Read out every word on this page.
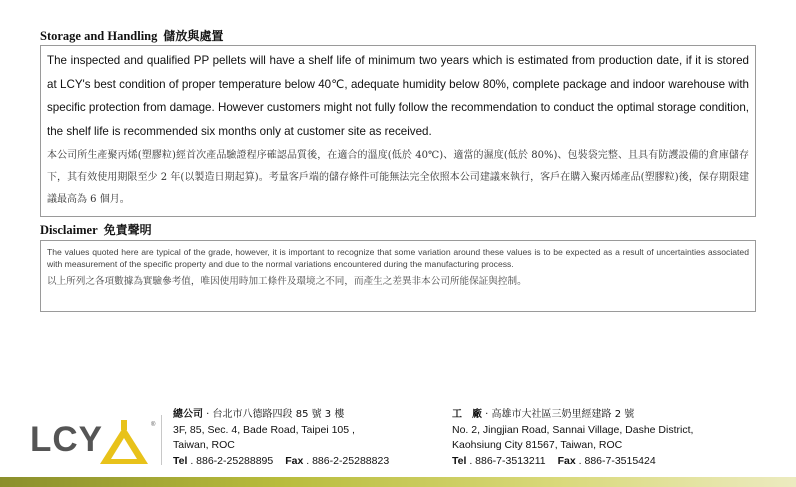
Storage and Handling 儲放與處置
The inspected and qualified PP pellets will have a shelf life of minimum two years which is estimated from production date, if it is stored at LCY's best condition of proper temperature below 40℃, adequate humidity below 80%, complete package and indoor warehouse with specific protection from damage. However customers might not fully follow the recommendation to conduct the optimal storage condition, the shelf life is recommended six months only at customer site as received.
本公司所生產聚丙烯(塑膠粒)經首次產品驗證程序確認品質後，在適合的溫度(低於 40℃)、適當的濕度(低於 80%)、包裝袋完整、且具有防護設備的倉庫儲存下，其有效使用期限至少 2 年(以製造日期起算)。考量客戶端的儲存條件可能無法完全依照本公司建議來執行，客戶在購入聚丙烯產品(塑膠粒)後，保存期限建議最高為 6 個月。
Disclaimer 免責聲明
The values quoted here are typical of the grade, however, it is important to recognize that some variation around these values is to be expected as a result of uncertainties associated with measurement of the specific property and due to the normal variations encountered during the manufacturing process.
以上所列之各項數據為實驗參考值，唯因使用時加工條件及環境之不同，而產生之差異非本公司所能保証與控制。
LCY	®
總公司 · 台北市八德路四段 85 號 3 樓
3F, 85, Sec. 4, Bade Road, Taipei 105 ,
Taiwan, ROC
Tel . 886-2-25288895 Fax . 886-2-25288823
工　廠 · 高雄市大社區三奶里經建路 2 號
No. 2, Jingjian Road, Sannai Village, Dashe District,
Kaohsiung City 81567, Taiwan, ROC
Tel . 886-7-3513211 Fax . 886-7-3515424
